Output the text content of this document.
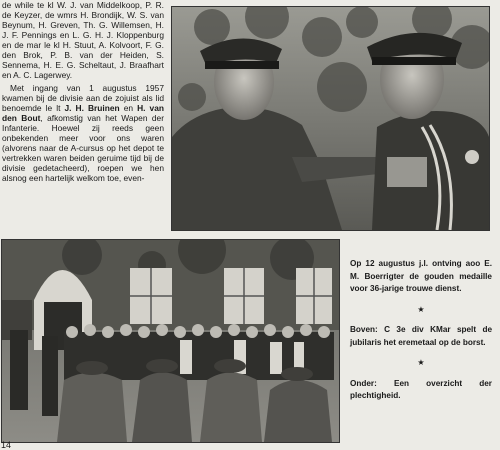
de while te kl W. J. van Middelkoop, P. R. de Keyzer, de wmrs H. Brondijk, W. S. van Beynum, H. Greven, Th. G. Willemsen, H. J. F. Pennings en L. G. H. J. Kloppenburg en de mar le kl H. Stuut, A. Kolvoort, F. G. den Brok, P. B. van der Heiden, S. Sennema, H. E. G. Scheltaut, J. Braafhart en A. C. Lagerwey.

Met ingang van 1 augustus 1957 kwamen bij de divisie aan de zojuist als lid benoemde le lt J. H. Bruinen en H. van den Bout, afkomstig van het Wapen der Infanterie. Hoewel zij reeds geen onbekenden meer voor ons waren (alvorens naar de A-cursus op het depot te vertrekken waren beiden geruime tijd bij de divisie gedetacheerd), roepen we hen alsnog een hartelijk welkom toe, even-

Op 12 augustus j.l. ontving aoo E. M. Boerrigter de gouden medaille voor 36-jarige trouwe dienst.

★

Boven: C 3e div KMar spelt de jubilaris het eremetaal op de borst.

★

Onder: Een overzicht der plechtigheid.

14
